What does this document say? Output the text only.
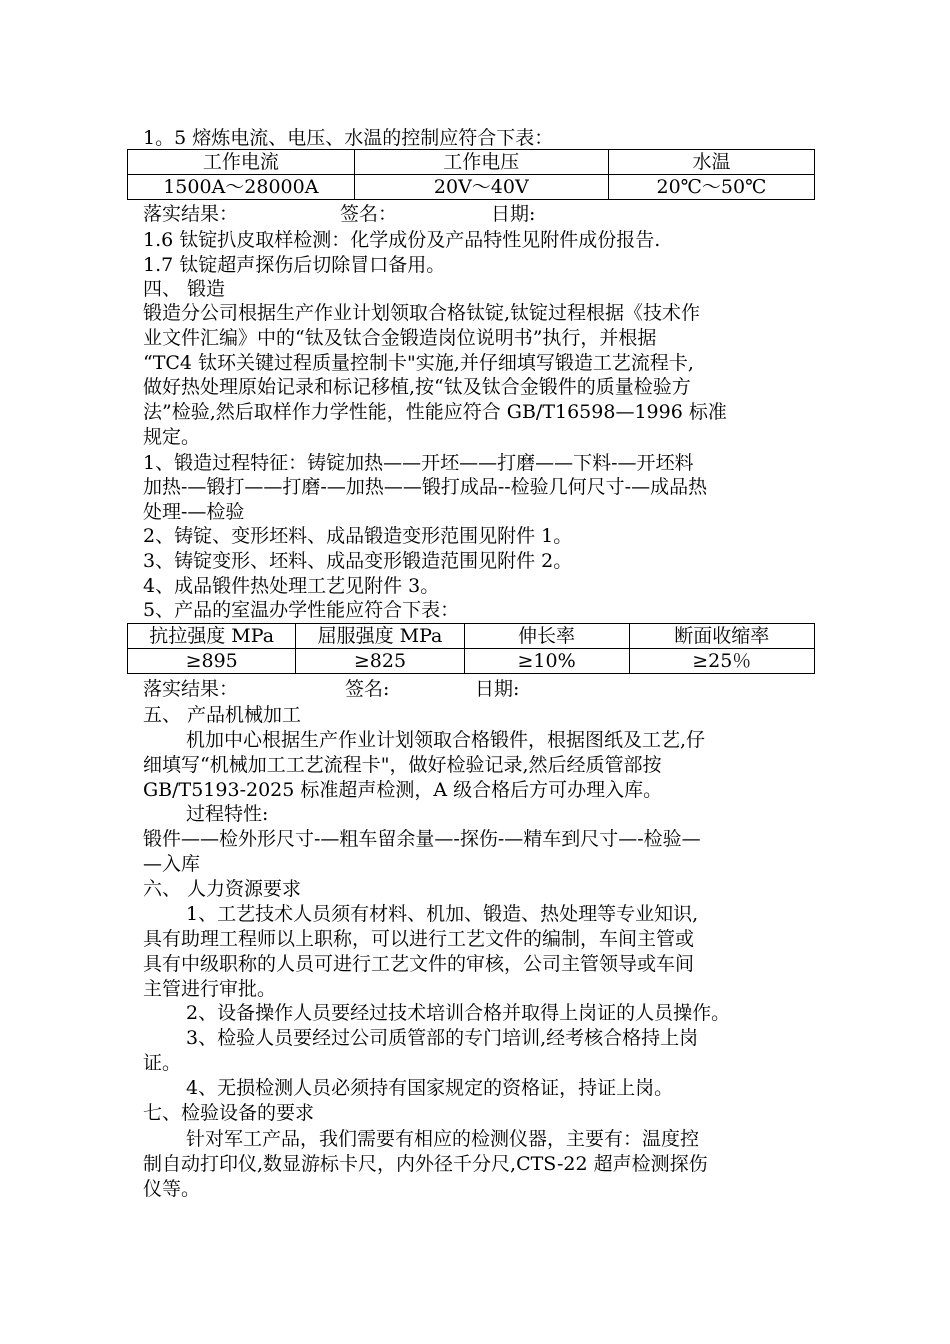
1。5 熔炼电流、电压、水温的控制应符合下表：
工作电流	工作电压	水温
1500A～28000A	20V～40V	20℃～50℃
落实结果：	签名：	日期:
1.6 钛锭扒皮取样检测：化学成份及产品特性见附件成份报告.
1.7 钛锭超声探伤后切除冒口备用。
四、 锻造
锻造分公司根据生产作业计划领取合格钛锭,钛锭过程根据《技术作
业文件汇编》中的“钛及钛合金锻造岗位说明书”执行，并根据
“TC4 钛环关键过程质量控制卡"实施,并仔细填写锻造工艺流程卡,
做好热处理原始记录和标记移植,按“钛及钛合金锻件的质量检验方
法”检验,然后取样作力学性能，性能应符合 GB/T16598—1996 标准
规定。
1、锻造过程特征：铸锭加热——开坯——打磨——下料-—开坯料
加热-—锻打——打磨-—加热——锻打成品--检验几何尺寸-—成品热
处理-—检验
2、铸锭、变形坯料、成品锻造变形范围见附件 1。
3、铸锭变形、坯料、成品变形锻造范围见附件 2。
4、成品锻件热处理工艺见附件 3。
5、产品的室温办学性能应符合下表：
抗拉强度 MPa	屈服强度 MPa	伸长率	断面收缩率
≥895	≥825	≥10%	≥25％
落实结果：	签名:	日期:
五、 产品机械加工
机加中心根据生产作业计划领取合格锻件，根据图纸及工艺,仔
细填写“机械加工工艺流程卡"，做好检验记录,然后经质管部按
GB/T5193-2025 标准超声检测，A 级合格后方可办理入库。
过程特性:
锻件——检外形尺寸-—粗车留余量—-探伤-—精车到尺寸—-检验—
—入库
六、 人力资源要求
1、工艺技术人员须有材料、机加、锻造、热处理等专业知识,
具有助理工程师以上职称，可以进行工艺文件的编制，车间主管或
具有中级职称的人员可进行工艺文件的审核，公司主管领导或车间
主管进行审批。
2、设备操作人员要经过技术培训合格并取得上岗证的人员操作。
3、检验人员要经过公司质管部的专门培训,经考核合格持上岗
证。
4、无损检测人员必须持有国家规定的资格证，持证上岗。
七、检验设备的要求
针对军工产品，我们需要有相应的检测仪器，主要有：温度控
制自动打印仪,数显游标卡尺，内外径千分尺,CTS-22 超声检测探伤
仪等。
